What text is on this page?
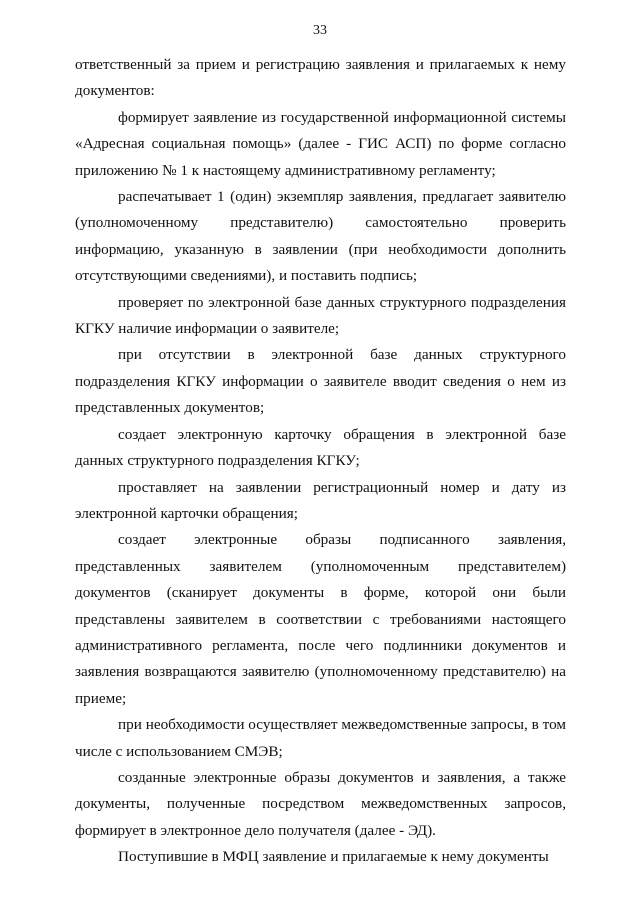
33

ответственный за прием и регистрацию заявления и прилагаемых к нему документов:

формирует заявление из государственной информационной системы «Адресная социальная помощь» (далее - ГИС АСП) по форме согласно приложению № 1 к настоящему административному регламенту;

распечатывает 1 (один) экземпляр заявления, предлагает заявителю (уполномоченному представителю) самостоятельно проверить информацию, указанную в заявлении (при необходимости дополнить отсутствующими сведениями), и поставить подпись;

проверяет по электронной базе данных структурного подразделения КГКУ наличие информации о заявителе;

при отсутствии в электронной базе данных структурного подразделения КГКУ информации о заявителе вводит сведения о нем из представленных документов;

создает электронную карточку обращения в электронной базе данных структурного подразделения КГКУ;

проставляет на заявлении регистрационный номер и дату из электронной карточки обращения;

создает электронные образы подписанного заявления, представленных заявителем (уполномоченным представителем) документов (сканирует документы в форме, которой они были представлены заявителем в соответствии с требованиями настоящего административного регламента, после чего подлинники документов и заявления возвращаются заявителю (уполномоченному представителю) на приеме;

при необходимости осуществляет межведомственные запросы, в том числе с использованием СМЭВ;

созданные электронные образы документов и заявления, а также документы, полученные посредством межведомственных запросов, формирует в электронное дело получателя (далее - ЭД).

Поступившие в МФЦ заявление и прилагаемые к нему документы
